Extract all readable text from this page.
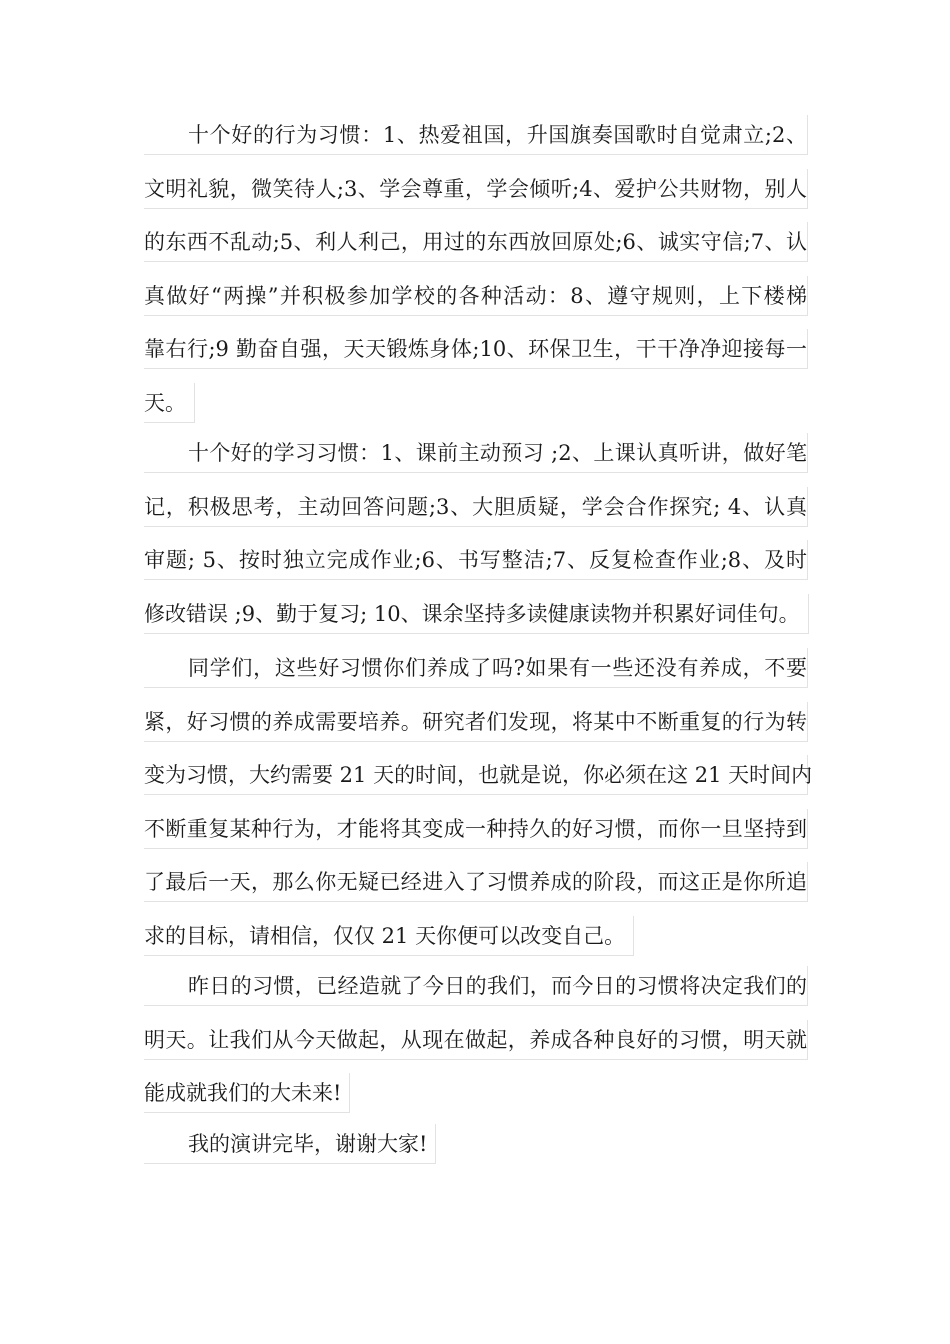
十个好的行为习惯：1、热爱祖国，升国旗奏国歌时自觉肃立;2、
文明礼貌，微笑待人;3、学会尊重，学会倾听;4、爱护公共财物，别人
的东西不乱动;5、利人利己，用过的东西放回原处;6、诚实守信;7、认
真做好“两操”并积极参加学校的各种活动：8、遵守规则，上下楼梯
靠右行;9 勤奋自强，天天锻炼身体;10、环保卫生，干干净净迎接每一
天。
十个好的学习习惯：1、课前主动预习 ;2、上课认真听讲，做好笔
记，积极思考，主动回答问题;3、大胆质疑，学会合作探究; 4、认真
审题; 5、按时独立完成作业;6、书写整洁;7、反复检查作业;8、及时
修改错误 ;9、勤于复习; 10、课余坚持多读健康读物并积累好词佳句。
同学们，这些好习惯你们养成了吗?如果有一些还没有养成，不要
紧，好习惯的养成需要培养。研究者们发现，将某中不断重复的行为转
变为习惯，大约需要 21 天的时间，也就是说，你必须在这 21 天时间内
不断重复某种行为，才能将其变成一种持久的好习惯，而你一旦坚持到
了最后一天，那么你无疑已经进入了习惯养成的阶段，而这正是你所追
求的目标，请相信，仅仅 21 天你便可以改变自己。
昨日的习惯，已经造就了今日的我们，而今日的习惯将决定我们的
明天。让我们从今天做起，从现在做起，养成各种良好的习惯，明天就
能成就我们的大未来!
我的演讲完毕，谢谢大家!
